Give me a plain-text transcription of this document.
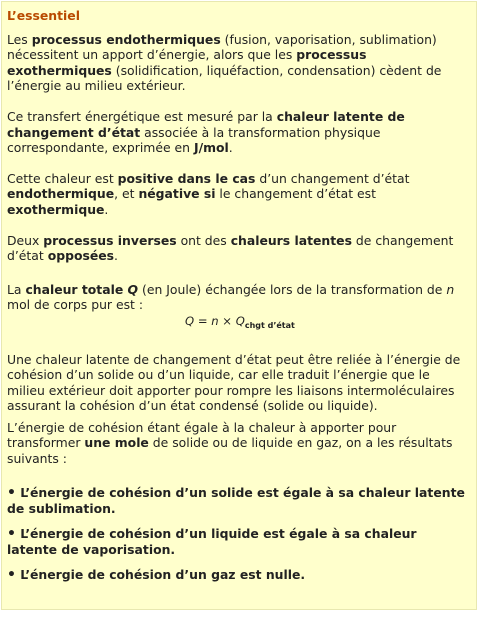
L’essentiel

Les processus endothermiques (fusion, vaporisation, sublimation) nécessitent un apport d’énergie, alors que les processus exothermiques (solidification, liquéfaction, condensation) cèdent de l’énergie au milieu extérieur.

Ce transfert énergétique est mesuré par la chaleur latente de changement d’état associée à la transformation physique correspondante, exprimée en J/mol.

Cette chaleur est positive dans le cas d’un changement d’état endothermique, et négative si le changement d’état est exothermique.

Deux processus inverses ont des chaleurs latentes de changement d’état opposées.

La chaleur totale Q (en Joule) échangée lors de la transformation de n mol de corps pur est :
$Q = n \times Q_{chgt d’état}$

Une chaleur latente de changement d’état peut être reliée à l’énergie de cohésion d’un solide ou d’un liquide, car elle traduit l’énergie que le milieu extérieur doit apporter pour rompre les liaisons intermoléculaires assurant la cohésion d’un état condensé (solide ou liquide).

L’énergie de cohésion étant égale à la chaleur à apporter pour transformer une mole de solide ou de liquide en gaz, on a les résultats suivants :

• L’énergie de cohésion d’un solide est égale à sa chaleur latente de sublimation.
• L’énergie de cohésion d’un liquide est égale à sa chaleur latente de vaporisation.
• L’énergie de cohésion d’un gaz est nulle.
